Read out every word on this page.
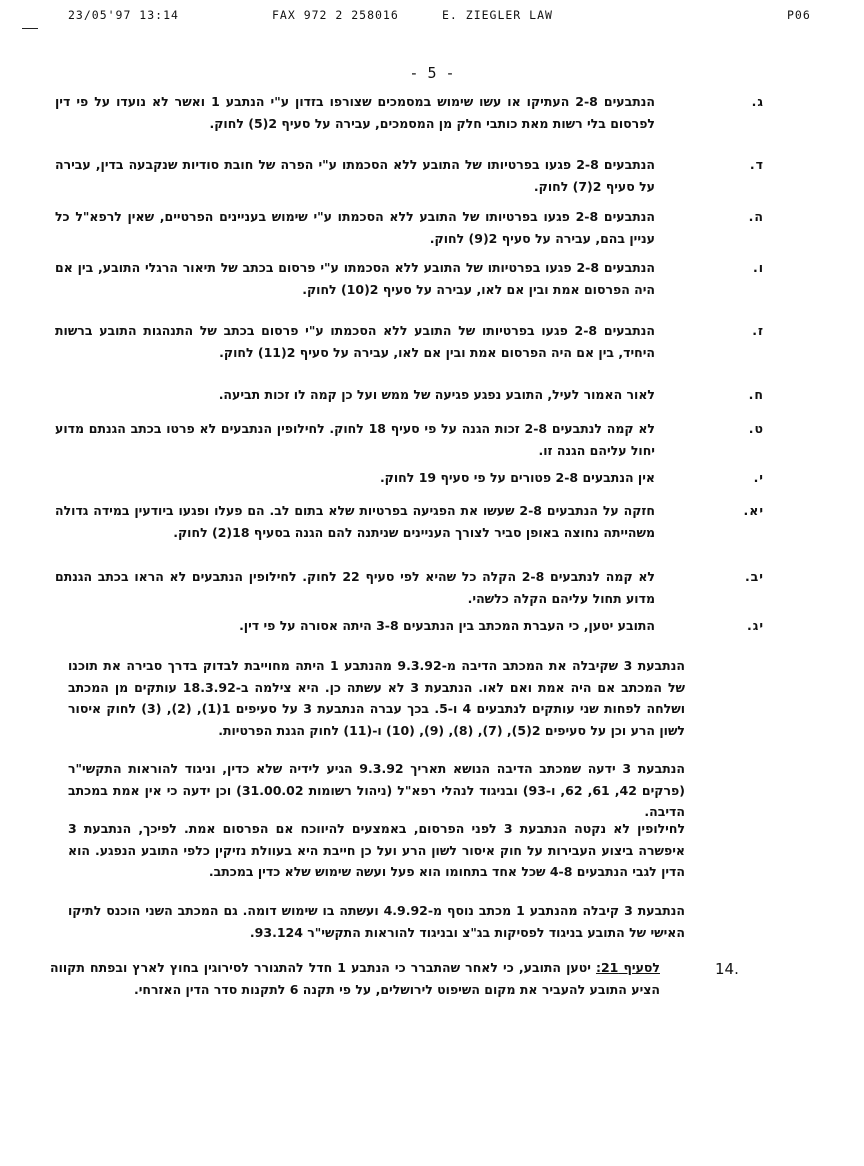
23/05'97 13:14	FAX 972 2 258016	E. ZIEGLER LAW	P06
- 5 -
ג.
הנתבעים 2-8 העתיקו או עשו שימוש במסמכים שצורפו בזדון ע"י הנתבע 1 ואשר לא נועדו על פי דין לפרסום בלי רשות מאת כותבי חלק מן המסמכים, עבירה על סעיף 2(5) לחוק.
ד.
הנתבעים 2-8 פגעו בפרטיותו של התובע ללא הסכמתו ע"י הפרה של חובת סודיות שנקבעה בדין, עבירה על סעיף 2(7) לחוק.
ה.
הנתבעים 2-8 פגעו בפרטיותו של התובע ללא הסכמתו ע"י שימוש בעניינים הפרטיים, שאין לרפא"ל כל עניין בהם, עבירה על סעיף 2(9) לחוק.
ו.
הנתבעים 2-8 פגעו בפרטיותו של התובע ללא הסכמתו ע"י פרסום בכתב של תיאור הרגלי התובע, בין אם היה הפרסום אמת ובין אם לאו, עבירה על סעיף 2(10) לחוק.
ז.
הנתבעים 2-8 פגעו בפרטיותו של התובע ללא הסכמתו ע"י פרסום בכתב של התנהגות התובע ברשות היחיד, בין אם היה הפרסום אמת ובין אם לאו, עבירה על סעיף 2(11) לחוק.
ח.
לאור האמור לעיל, התובע נפגע פגיעה של ממש ועל כן קמה לו זכות תביעה.
ט.
לא קמה לנתבעים 2-8 זכות הגנה על פי סעיף 18 לחוק. לחילופין הנתבעים לא פרטו בכתב הגנתם מדוע יחול עליהם הגנה זו.
י.
אין הנתבעים 2-8 פטורים על פי סעיף 19 לחוק.
יא.
חזקה על הנתבעים 2-8 שעשו את הפגיעה בפרטיות שלא בתום לב. הם פעלו ופגעו ביודעין במידה גדולה משהייתה נחוצה באופן סביר לצורך העניינים שניתנה להם הגנה בסעיף 18(2) לחוק.
יב.
לא קמה לנתבעים 2-8 הקלה כל שהיא לפי סעיף 22 לחוק. לחילופין הנתבעים לא הראו בכתב הגנתם מדוע תחול עליהם הקלה כלשהי.
יג.
התובע יטען, כי העברת המכתב בין הנתבעים 3-8 היתה אסורה על פי דין.
הנתבעת 3 שקיבלה את המכתב הדיבה מ-9.3.92 מהנתבע 1 היתה מחוייבת לבדוק בדרך סבירה את תוכנו של המכתב אם היה אמת ואם לאו. הנתבעת 3 לא עשתה כן. היא צילמה ב-18.3.92 עותקים מן המכתב ושלחה לפחות שני עותקים לנתבעים 4 ו-5. בכך עברה הנתבעת 3 על סעיפים 1(1), (2), (3) לחוק איסור לשון הרע וכן על סעיפים 2(5), (7), (8), (9), (10) ו-(11) לחוק הגנת הפרטיות.
הנתבעת 3 ידעה שמכתב הדיבה הנושא תאריך 9.3.92 הגיע לידיה שלא כדין, וניגוד להוראות התקשי"ר (פרקים 42, 61, 62, ו-93) ובניגוד לנהלי רפא"ל (ניהול רשומות 31.00.02) וכן ידעה כי אין אמת במכתב הדיבה.
לחילופין לא נקטה הנתבעת 3 לפני הפרסום, באמצעים להיווכח אם הפרסום אמת. לפיכך, הנתבעת 3 איפשרה ביצוע העבירות על חוק איסור לשון הרע ועל כן חייבת היא בעוולת נזיקין כלפי התובע הנפגע. הוא הדין לגבי הנתבעים 4-8 שכל אחד בתחומו הוא פעל ועשה שימוש שלא כדין במכתב.
הנתבעת 3 קיבלה מהנתבע 1 מכתב נוסף מ-4.9.92 ועשתה בו שימוש דומה. גם המכתב השני הוכנס לתיקו האישי של התובע בניגוד לפסיקות בג"צ ובניגוד להוראות התקשי"ר 93.124.
14.
לסעיף 21: יטען התובע, כי לאחר שהתברר כי הנתבע 1 חדל להתגורר לסירוגין בחוץ לארץ ובפתח תקווה הציע התובע להעביר את מקום השיפוט לירושלים, על פי תקנה 6 לתקנות סדר הדין האזרחי.
